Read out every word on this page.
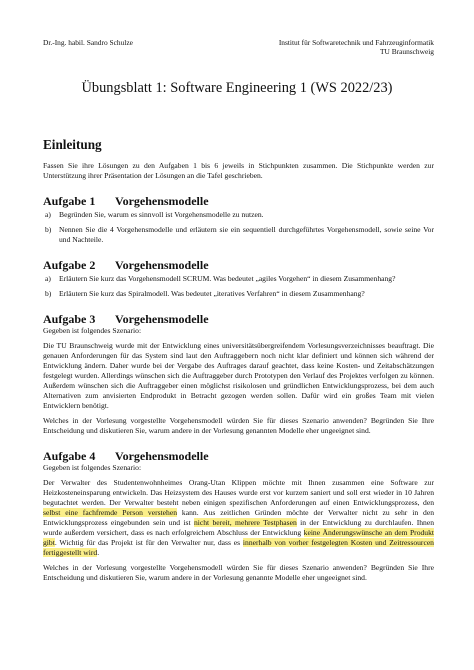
Dr.-Ing. habil. Sandro Schulze	Institut für Softwaretechnik und Fahrzeuginformatik
TU Braunschweig
Übungsblatt 1: Software Engineering 1 (WS 2022/23)
Einleitung

Fassen Sie ihre Lösungen zu den Aufgaben 1 bis 6 jeweils in Stichpunkten zusammen. Die Stichpunkte werden zur Unterstützung ihrer Präsentation der Lösungen an die Tafel geschrieben.

Aufgabe 1 Vorgehensmodelle
a) Begründen Sie, warum es sinnvoll ist Vorgehensmodelle zu nutzen.
b) Nennen Sie die 4 Vorgehensmodelle und erläutern sie ein sequentiell durchgeführtes Vorgehensmodell, sowie seine Vor und Nachteile.
Aufgabe 2 Vorgehensmodelle
a) Erläutern Sie kurz das Vorgehensmodell SCRUM. Was bedeutet „agiles Vorgehen“ in diesem Zusammenhang?
b) Erläutern Sie kurz das Spiralmodell. Was bedeutet „iteratives Verfahren“ in diesem Zusammenhang?
Aufgabe 3 Vorgehensmodelle
Gegeben ist folgendes Szenario:

Die TU Braunschweig wurde mit der Entwicklung eines universitätsübergreifendem Vorlesungsverzeichnisses beauftragt. Die genauen Anforderungen für das System sind laut den Auftraggebern noch nicht klar definiert und können sich während der Entwicklung ändern. Daher wurde bei der Vergabe des Auftrages darauf geachtet, dass keine Kosten- und Zeitabschätzungen festgelegt wurden. Allerdings wünschen sich die Auftraggeber durch Prototypen den Verlauf des Projektes verfolgen zu können. Außerdem wünschen sich die Auftraggeber einen möglichst risikolosen und gründlichen Entwicklungsprozess, bei dem auch Alternativen zum anvisierten Endprodukt in Betracht gezogen werden sollen. Dafür wird ein großes Team mit vielen Entwicklern benötigt.

Welches in der Vorlesung vorgestellte Vorgehensmodell würden Sie für dieses Szenario anwenden? Begründen Sie Ihre Entscheidung und diskutieren Sie, warum andere in der Vorlesung genannten Modelle eher ungeeignet sind.

Aufgabe 4 Vorgehensmodelle
Gegeben ist folgendes Szenario:

Der Verwalter des Studentenwohnheimes Orang-Utan Klippen möchte mit Ihnen zusammen eine Software zur Heizkosteneinsparung entwickeln. Das Heizsystem des Hauses wurde erst vor kurzem saniert und soll erst wieder in 10 Jahren begutachtet werden. Der Verwalter besteht neben einigen spezifischen Anforderungen auf einen Entwicklungsprozess, den selbst eine fachfremde Person verstehen kann. Aus zeitlichen Gründen möchte der Verwalter nicht zu sehr in den Entwicklungsprozess eingebunden sein und ist nicht bereit, mehrere Testphasen in der Entwicklung zu durchlaufen. Ihnen wurde außerdem versichert, dass es nach erfolgreichem Abschluss der Entwicklung keine Änderungswünsche an dem Produkt gibt. Wichtig für das Projekt ist für den Verwalter nur, dass es innerhalb von vorher festgelegten Kosten und Zeitressourcen fertiggestellt wird.

Welches in der Vorlesung vorgestellte Vorgehensmodell würden Sie für dieses Szenario anwenden? Begründen Sie Ihre Entscheidung und diskutieren Sie, warum andere in der Vorlesung genannte Modelle eher ungeeignet sind.
